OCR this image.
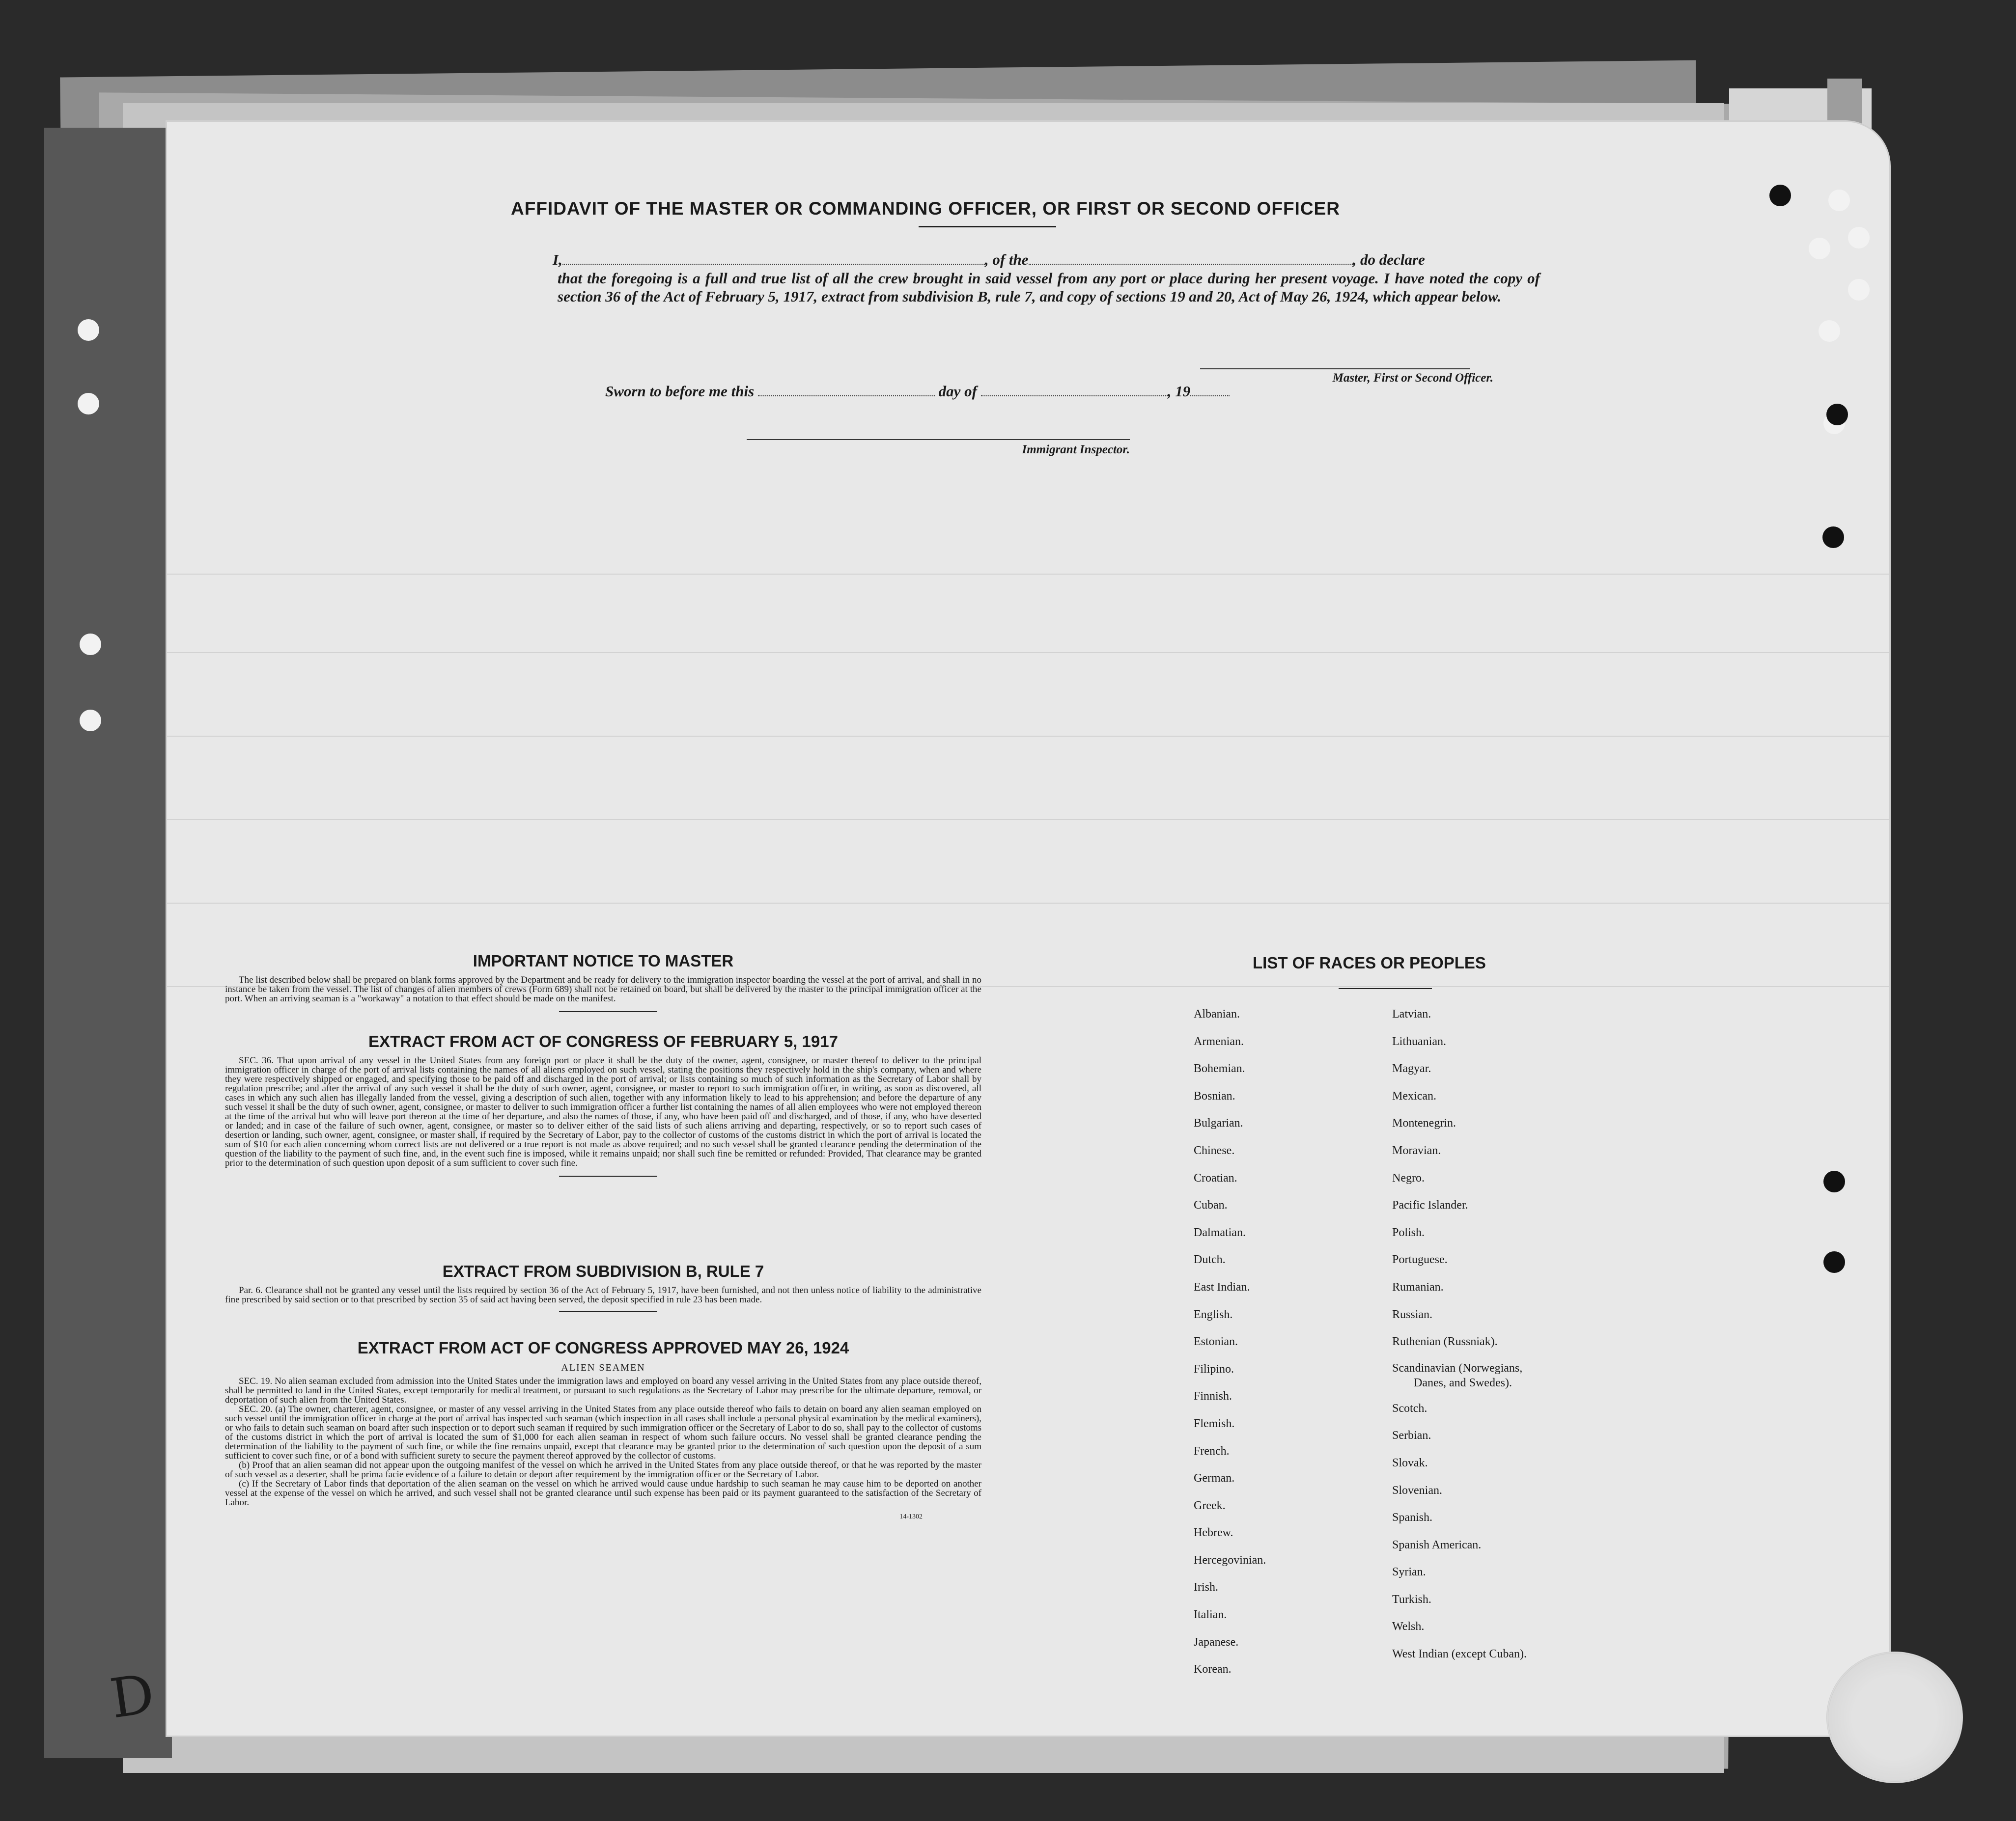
D
AFFIDAVIT OF THE MASTER OR COMMANDING OFFICER, OR FIRST OR SECOND OFFICER
I,	, of the	, do declare
that the foregoing is a full and true list of all the crew brought in said vessel from any port or place during her present voyage. I have noted the copy of section 36 of the Act of February 5, 1917, extract from subdivision B, rule 7, and copy of sections 19 and 20, Act of May 26, 1924, which appear below.
Master, First or Second Officer.
Sworn to before me this	day of	, 19
Immigrant Inspector.
IMPORTANT NOTICE TO MASTER

The list described below shall be prepared on blank forms approved by the Department and be ready for delivery to the immigration inspector boarding the vessel at the port of arrival, and shall in no instance be taken from the vessel. The list of changes of alien members of crews (Form 689) shall not be retained on board, but shall be delivered by the master to the principal immigration officer at the port. When an arriving seaman is a "workaway" a notation to that effect should be made on the manifest.

EXTRACT FROM ACT OF CONGRESS OF FEBRUARY 5, 1917

SEC. 36. That upon arrival of any vessel in the United States from any foreign port or place it shall be the duty of the owner, agent, consignee, or master thereof to deliver to the principal immigration officer in charge of the port of arrival lists containing the names of all aliens employed on such vessel, stating the positions they respectively hold in the ship's company, when and where they were respectively shipped or engaged, and specifying those to be paid off and discharged in the port of arrival; or lists containing so much of such information as the Secretary of Labor shall by regulation prescribe; and after the arrival of any such vessel it shall be the duty of such owner, agent, consignee, or master to report to such immigration officer, in writing, as soon as discovered, all cases in which any such alien has illegally landed from the vessel, giving a description of such alien, together with any information likely to lead to his apprehension; and before the departure of any such vessel it shall be the duty of such owner, agent, consignee, or master to deliver to such immigration officer a further list containing the names of all alien employees who were not employed thereon at the time of the arrival but who will leave port thereon at the time of her departure, and also the names of those, if any, who have been paid off and discharged, and of those, if any, who have deserted or landed; and in case of the failure of such owner, agent, consignee, or master so to deliver either of the said lists of such aliens arriving and departing, respectively, or so to report such cases of desertion or landing, such owner, agent, consignee, or master shall, if required by the Secretary of Labor, pay to the collector of customs of the customs district in which the port of arrival is located the sum of $10 for each alien concerning whom correct lists are not delivered or a true report is not made as above required; and no such vessel shall be granted clearance pending the determination of the question of the liability to the payment of such fine, and, in the event such fine is imposed, while it remains unpaid; nor shall such fine be remitted or refunded: Provided, That clearance may be granted prior to the determination of such question upon deposit of a sum sufficient to cover such fine.

EXTRACT FROM SUBDIVISION B, RULE 7

Par. 6. Clearance shall not be granted any vessel until the lists required by section 36 of the Act of February 5, 1917, have been furnished, and not then unless notice of liability to the administrative fine prescribed by said section or to that prescribed by section 35 of said act having been served, the deposit specified in rule 23 has been made.

EXTRACT FROM ACT OF CONGRESS APPROVED MAY 26, 1924
ALIEN SEAMEN

SEC. 19. No alien seaman excluded from admission into the United States under the immigration laws and employed on board any vessel arriving in the United States from any place outside thereof, shall be permitted to land in the United States, except temporarily for medical treatment, or pursuant to such regulations as the Secretary of Labor may prescribe for the ultimate departure, removal, or deportation of such alien from the United States.

SEC. 20. (a) The owner, charterer, agent, consignee, or master of any vessel arriving in the United States from any place outside thereof who fails to detain on board any alien seaman employed on such vessel until the immigration officer in charge at the port of arrival has inspected such seaman (which inspection in all cases shall include a personal physical examination by the medical examiners), or who fails to detain such seaman on board after such inspection or to deport such seaman if required by such immigration officer or the Secretary of Labor to do so, shall pay to the collector of customs of the customs district in which the port of arrival is located the sum of $1,000 for each alien seaman in respect of whom such failure occurs. No vessel shall be granted clearance pending the determination of the liability to the payment of such fine, or while the fine remains unpaid, except that clearance may be granted prior to the determination of such question upon the deposit of a sum sufficient to cover such fine, or of a bond with sufficient surety to secure the payment thereof approved by the collector of customs.

(b) Proof that an alien seaman did not appear upon the outgoing manifest of the vessel on which he arrived in the United States from any place outside thereof, or that he was reported by the master of such vessel as a deserter, shall be prima facie evidence of a failure to detain or deport after requirement by the immigration officer or the Secretary of Labor.

(c) If the Secretary of Labor finds that deportation of the alien seaman on the vessel on which he arrived would cause undue hardship to such seaman he may cause him to be deported on another vessel at the expense of the vessel on which he arrived, and such vessel shall not be granted clearance until such expense has been paid or its payment guaranteed to the satisfaction of the Secretary of Labor.

14-1302
LIST OF RACES OR PEOPLES
Albanian.
Armenian.
Bohemian.
Bosnian.
Bulgarian.
Chinese.
Croatian.
Cuban.
Dalmatian.
Dutch.
East Indian.
English.
Estonian.
Filipino.
Finnish.
Flemish.
French.
German.
Greek.
Hebrew.
Hercegovinian.
Irish.
Italian.
Japanese.
Korean.
Latvian.
Lithuanian.
Magyar.
Mexican.
Montenegrin.
Moravian.
Negro.
Pacific Islander.
Polish.
Portuguese.
Rumanian.
Russian.
Ruthenian (Russniak).
Scandinavian (Norwegians,
Danes, and Swedes).
Scotch.
Serbian.
Slovak.
Slovenian.
Spanish.
Spanish American.
Syrian.
Turkish.
Welsh.
West Indian (except Cuban).
